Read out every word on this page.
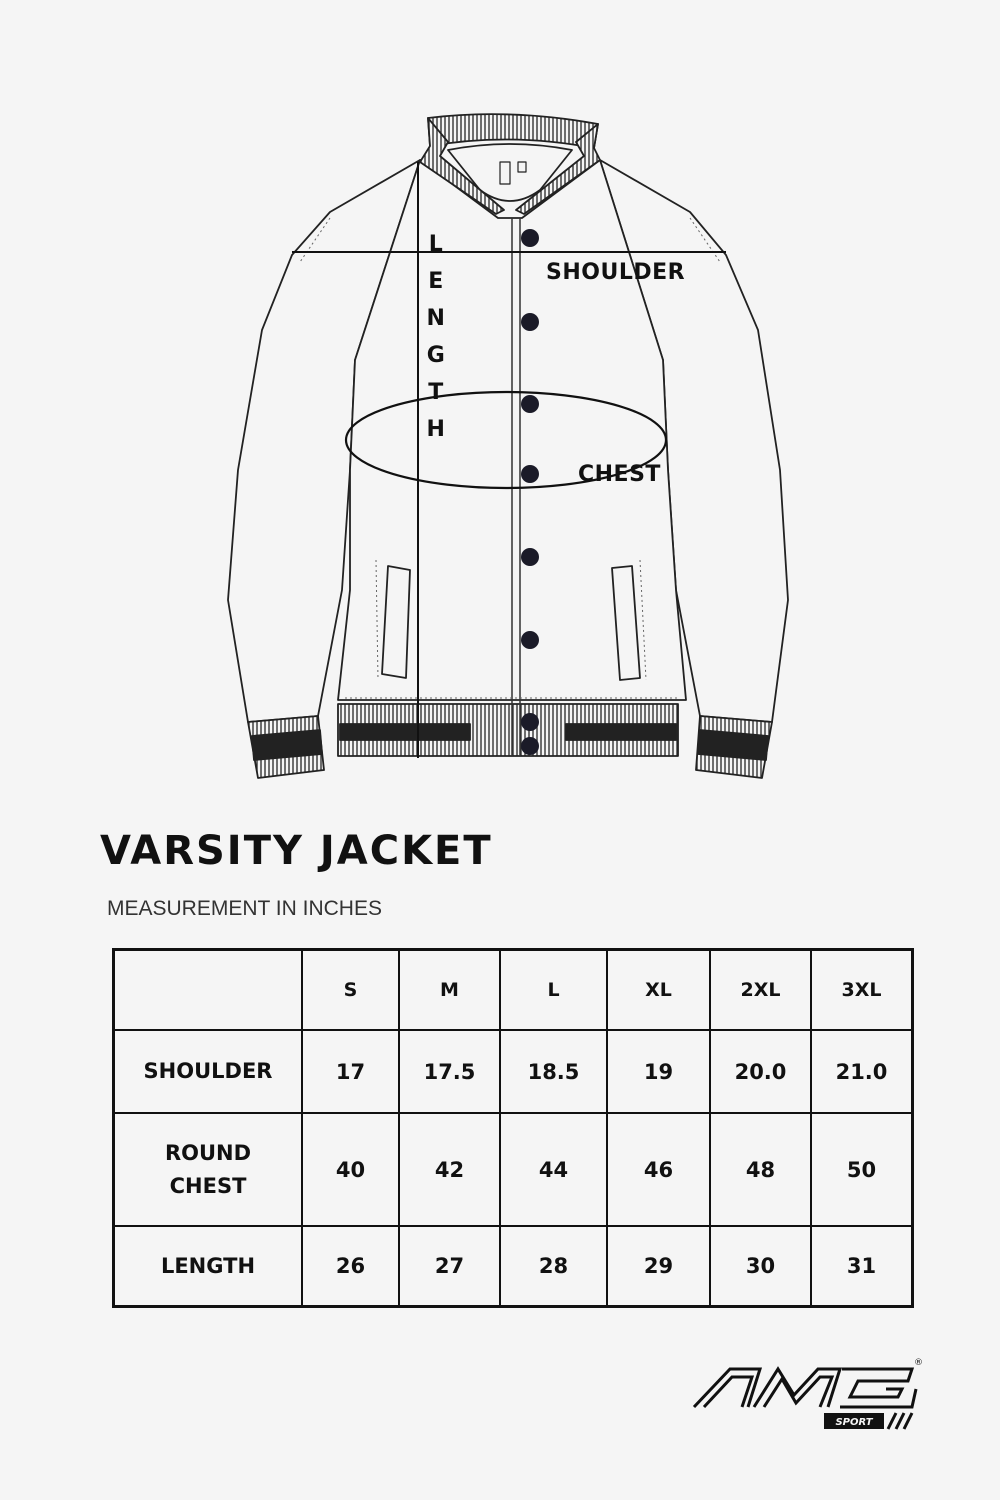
SHOULDER
CHEST
L
E
N
G
T
H
VARSITY JACKET

MEASUREMENT IN INCHES

	S	M	L	XL	2XL	3XL
SHOULDER	17	17.5	18.5	19	20.0	21.0
ROUND
CHEST	40	42	44	46	48	50
LENGTH	26	27	28	29	30	31
SPORT
®
